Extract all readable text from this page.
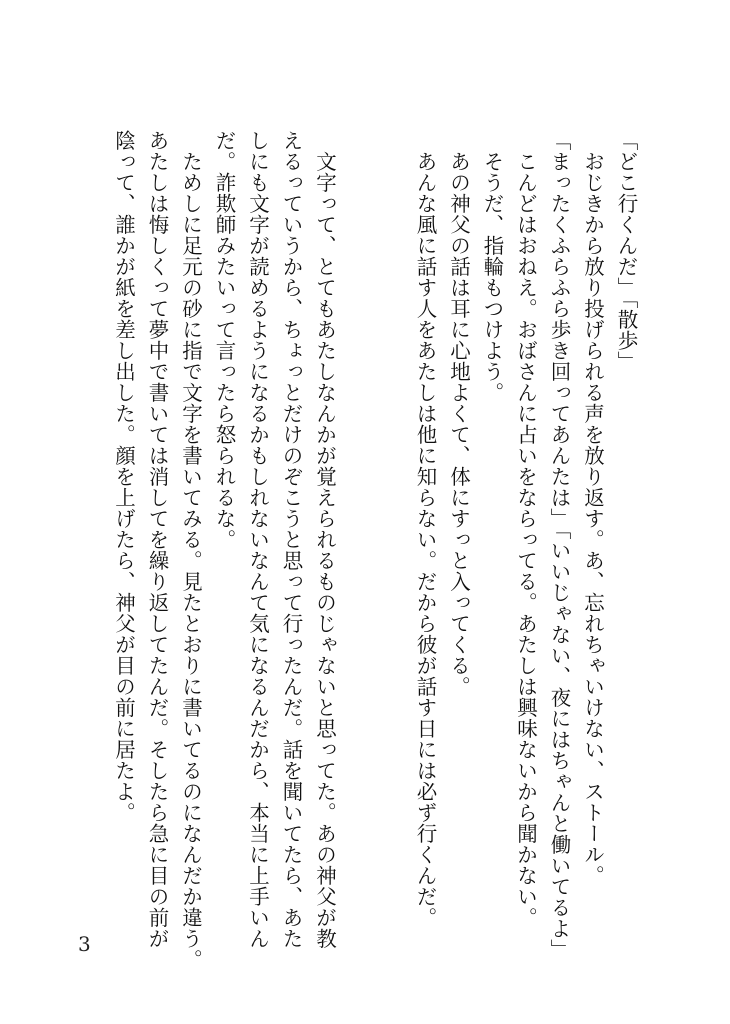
「どこ行くんだ」「散歩」
　おじきから放り投げられる声を放り返す。あ、忘れちゃいけない、ストール。
「まったくふらふら歩き回ってあんたは」「いいじゃない、夜にはちゃんと働いてるよ」
　こんどはおねえ。おばさんに占いをならってる。あたしは興味ないから聞かない。
　そうだ、指輪もつけよう。
　あの神父の話は耳に心地よくて、体にすっと入ってくる。
　あんな風に話す人をあたしは他に知らない。だから彼が話す日には必ず行くんだ。
　文字って、とてもあたしなんかが覚えられるものじゃないと思ってた。あの神父が教
えるっていうから、ちょっとだけのぞこうと思って行ったんだ。話を聞いてたら、あた
しにも文字が読めるようになるかもしれないなんて気になるんだから、本当に上手いん
だ。詐欺師みたいって言ったら怒られるな。
　ためしに足元の砂に指で文字を書いてみる。見たとおりに書いてるのになんだか違う。
あたしは悔しくって夢中で書いては消してを繰り返してたんだ。そしたら急に目の前が
陰って、誰かが紙を差し出した。顔を上げたら、神父が目の前に居たよ。
3
